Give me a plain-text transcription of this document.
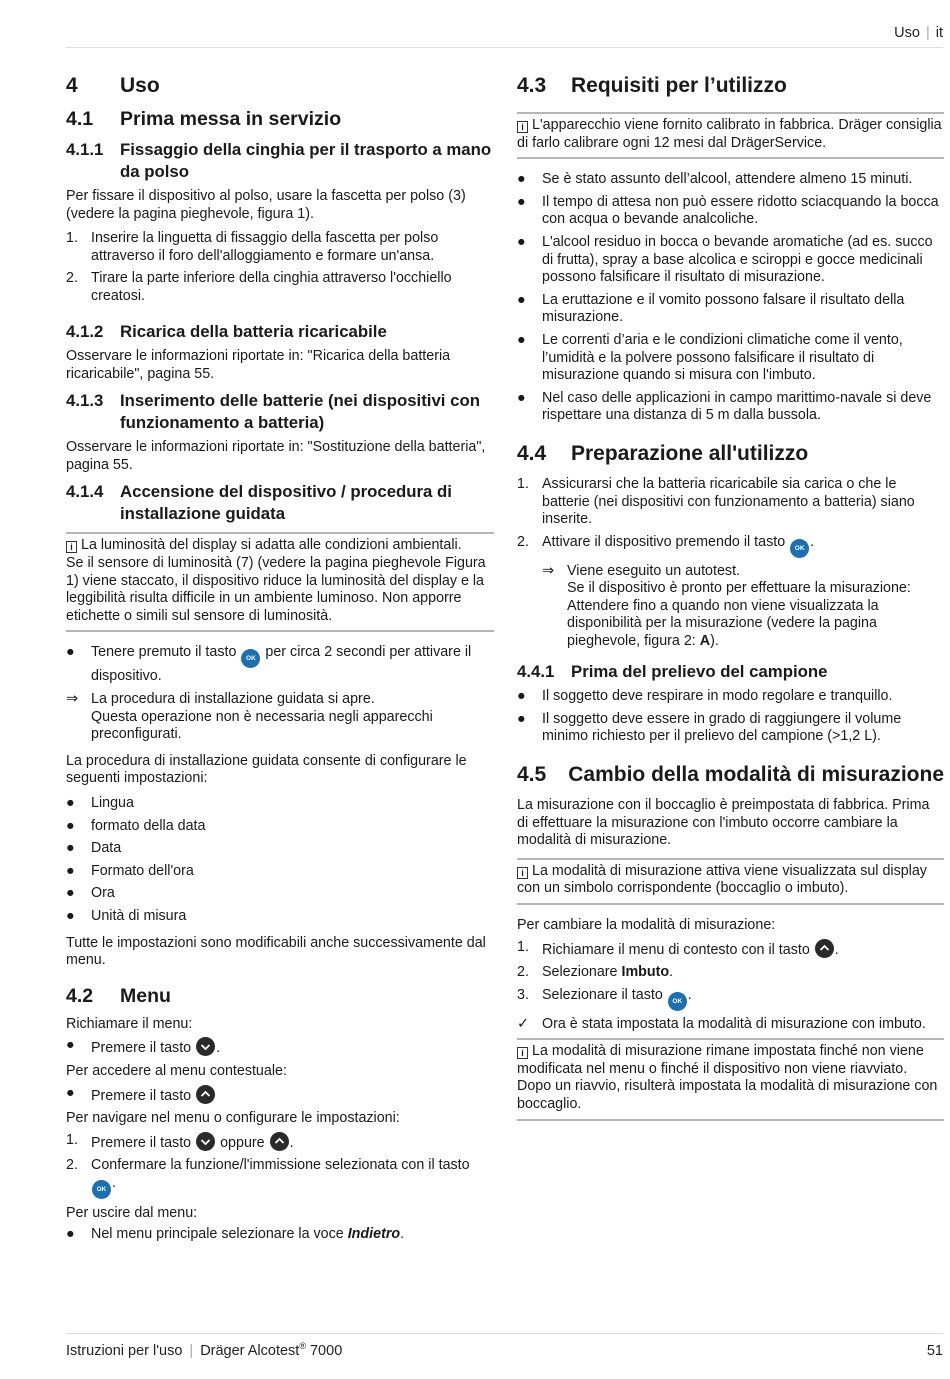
Uso | it
4	Uso
4.1	Prima messa in servizio
4.1.1 Fissaggio della cinghia per il trasporto a mano da polso

Per fissare il dispositivo al polso, usare la fascetta per polso (3) (vedere la pagina pieghevole, figura 1).

1. Inserire la linguetta di fissaggio della fascetta per polso attraverso il foro dell'alloggiamento e formare un'ansa.
2. Tirare la parte inferiore della cinghia attraverso l'occhiello creatosi.
4.1.2 Ricarica della batteria ricaricabile

Osservare le informazioni riportate in: "Ricarica della batteria ricaricabile", pagina 55.

4.1.3 Inserimento delle batterie (nei dispositivi con funzionamento a batteria)

Osservare le informazioni riportate in: "Sostituzione della batteria", pagina 55.

4.1.4 Accensione del dispositivo / procedura di installazione guidata
i La luminosità del display si adatta alle condizioni ambientali.
Se il sensore di luminosità (7) (vedere la pagina pieghevole Figura 1) viene staccato, il dispositivo riduce la luminosità del display e la leggibilità risulta difficile in un ambiente luminoso. Non apporre etichette o simili sul sensore di luminosità.
●	Tenere premuto il tasto OK per circa 2 secondi per attivare il dispositivo.
⇒ La procedura di installazione guidata si apre.
Questa operazione non è necessaria negli apparecchi preconfigurati.

La procedura di installazione guidata consente di configurare le seguenti impostazioni:

●	Lingua
●	formato della data
●	Data
●	Formato dell'ora
●	Ora
●	Unità di misura

Tutte le impostazioni sono modificabili anche successivamente dal menu.

4.2	Menu

Richiamare il menu:

●	Premere il tasto .

Per accedere al menu contestuale:

●	Premere il tasto

Per navigare nel menu o configurare le impostazioni:

1. Premere il tasto oppure .
2. Confermare la funzione/l'immissione selezionata con il tasto OK .

Per uscire dal menu:

●	Nel menu principale selezionare la voce Indietro.
4.3	Requisiti per l’utilizzo
i L'apparecchio viene fornito calibrato in fabbrica. Dräger consiglia di farlo calibrare ogni 12 mesi dal DrägerService.
●	Se è stato assunto dell’alcool, attendere almeno 15 minuti.
●	Il tempo di attesa non può essere ridotto sciacquando la bocca con acqua o bevande analcoliche.
●	L'alcool residuo in bocca o bevande aromatiche (ad es. succo di frutta), spray a base alcolica e sciroppi e gocce medicinali possono falsificare il risultato di misurazione.
●	La eruttazione e il vomito possono falsare il risultato della misurazione.
●	Le correnti d’aria e le condizioni climatiche come il vento, l’umidità e la polvere possono falsificare il risultato di misurazione quando si misura con l'imbuto.
●	Nel caso delle applicazioni in campo marittimo-navale si deve rispettare una distanza di 5 m dalla bussola.
4.4	Preparazione all'utilizzo
1. Assicurarsi che la batteria ricaricabile sia carica o che le batterie (nei dispositivi con funzionamento a batteria) siano inserite.
2. Attivare il dispositivo premendo il tasto OK .
⇒ Viene eseguito un autotest.
Se il dispositivo è pronto per effettuare la misurazione: Attendere fino a quando non viene visualizzata la disponibilità per la misurazione (vedere la pagina pieghevole, figura 2: A).
4.4.1 Prima del prelievo del campione
●	Il soggetto deve respirare in modo regolare e tranquillo.
●	Il soggetto deve essere in grado di raggiungere il volume minimo richiesto per il prelievo del campione (>1,2 L).
4.5	Cambio della modalità di misurazione

La misurazione con il boccaglio è preimpostata di fabbrica. Prima di effettuare la misurazione con l'imbuto occorre cambiare la modalità di misurazione.

i La modalità di misurazione attiva viene visualizzata sul display con un simbolo corrispondente (boccaglio o imbuto).

Per cambiare la modalità di misurazione:

1. Richiamare il menu di contesto con il tasto .
2. Selezionare Imbuto.
3. Selezionare il tasto OK .
✓ Ora è stata impostata la modalità di misurazione con imbuto.
i La modalità di misurazione rimane impostata finché non viene modificata nel menu o finché il dispositivo non viene riavviato. Dopo un riavvio, risulterà impostata la modalità di misurazione con boccaglio.
Istruzioni per l'uso | Dräger Alcotest® 7000	51
